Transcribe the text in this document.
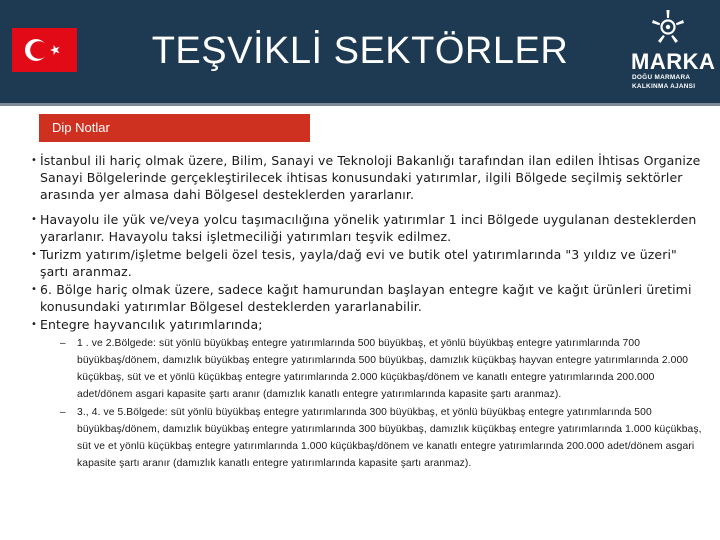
TEŞVİKLİ SEKTÖRLER	MARKA
DOĞU MARMARA
KALKINMA AJANSI
Dip Notlar
• İstanbul ili hariç olmak üzere, Bilim, Sanayi ve Teknoloji Bakanlığı tarafından ilan edilen İhtisas Organize Sanayi Bölgelerinde gerçekleştirilecek ihtisas konusundaki yatırımlar, ilgili Bölgede seçilmiş sektörler arasında yer almasa dahi Bölgesel desteklerden yararlanır.
• Havayolu ile yük ve/veya yolcu taşımacılığına yönelik yatırımlar 1 inci Bölgede uygulanan desteklerden yararlanır. Havayolu taksi işletmeciliği yatırımları teşvik edilmez.
• Turizm yatırım/işletme belgeli özel tesis, yayla/dağ evi ve butik otel yatırımlarında "3 yıldız ve üzeri" şartı aranmaz.
• 6. Bölge hariç olmak üzere, sadece kağıt hamurundan başlayan entegre kağıt ve kağıt ürünleri üretimi konusundaki yatırımlar Bölgesel desteklerden yararlanabilir.
• Entegre hayvancılık yatırımlarında;
– 1 . ve 2.Bölgede: süt yönlü büyükbaş entegre yatırımlarında 500 büyükbaş, et yönlü büyükbaş entegre yatırımlarında 700 büyükbaş/dönem, damızlık büyükbaş entegre yatırımlarında 500 büyükbaş, damızlık küçükbaş hayvan entegre yatırımlarında 2.000 küçükbaş, süt ve et yönlü küçükbaş entegre yatırımlarında 2.000 küçükbaş/dönem ve kanatlı entegre yatırımlarında 200.000 adet/dönem asgari kapasite şartı aranır (damızlık kanatlı entegre yatırımlarında kapasite şartı aranmaz).
– 3., 4. ve 5.Bölgede: süt yönlü büyükbaş entegre yatırımlarında 300 büyükbaş, et yönlü büyükbaş entegre yatırımlarında 500 büyükbaş/dönem, damızlık büyükbaş entegre yatırımlarında 300 büyükbaş, damızlık küçükbaş entegre yatırımlarında 1.000 küçükbaş, süt ve et yönlü küçükbaş entegre yatırımlarında 1.000 küçükbaş/dönem ve kanatlı entegre yatırımlarında 200.000 adet/dönem asgari kapasite şartı aranır (damızlık kanatlı entegre yatırımlarında kapasite şartı aranmaz).
